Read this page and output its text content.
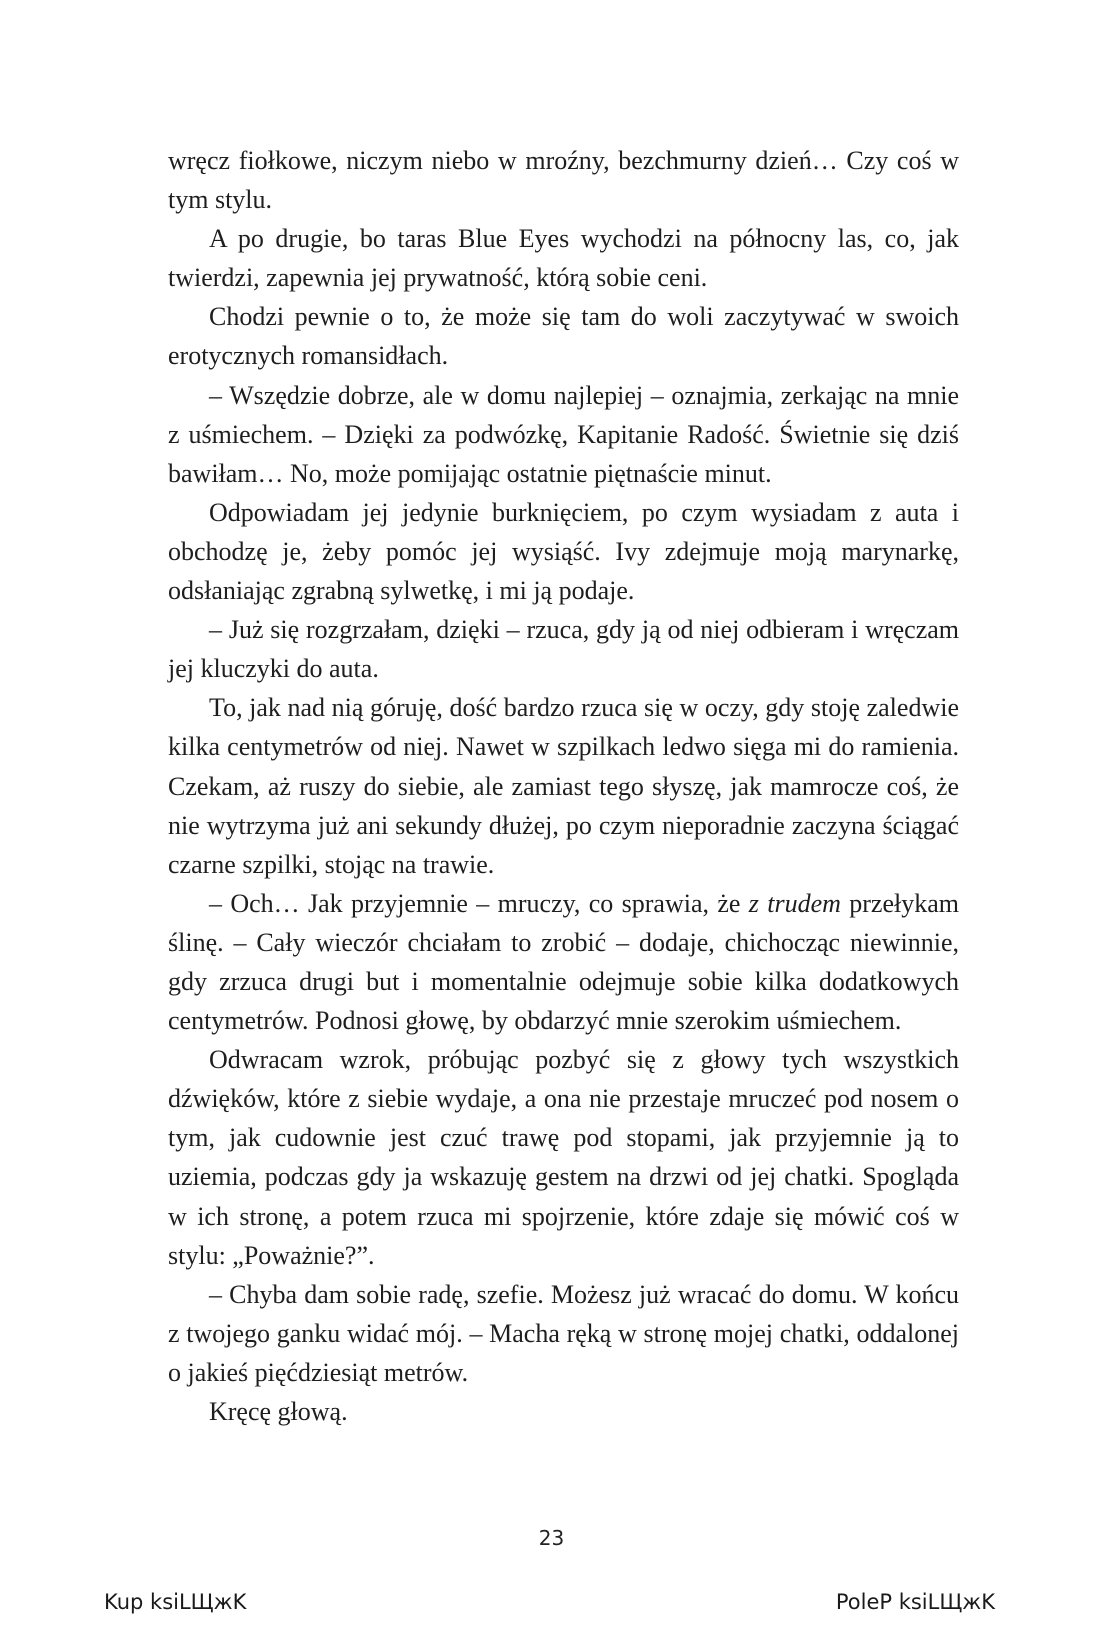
wręcz fiołkowe, niczym niebo w mroźny, bezchmurny dzień… Czy coś w tym stylu.

A po drugie, bo taras Blue Eyes wychodzi na północny las, co, jak twierdzi, zapewnia jej prywatność, którą sobie ceni.

Chodzi pewnie o to, że może się tam do woli zaczytywać w swoich erotycznych romansidłach.

– Wszędzie dobrze, ale w domu najlepiej – oznajmia, zerkając na mnie z uśmiechem. – Dzięki za podwózkę, Kapitanie Radość. Świetnie się dziś bawiłam… No, może pomijając ostatnie piętnaście minut.

Odpowiadam jej jedynie burknięciem, po czym wysiadam z auta i obchodzę je, żeby pomóc jej wysiąść. Ivy zdejmuje moją marynarkę, odsłaniając zgrabną sylwetkę, i mi ją podaje.

– Już się rozgrzałam, dzięki – rzuca, gdy ją od niej odbieram i wręczam jej kluczyki do auta.

To, jak nad nią góruję, dość bardzo rzuca się w oczy, gdy stoję zaledwie kilka centymetrów od niej. Nawet w szpilkach ledwo sięga mi do ramienia. Czekam, aż ruszy do siebie, ale zamiast tego słyszę, jak mamrocze coś, że nie wytrzyma już ani sekundy dłużej, po czym nieporadnie zaczyna ściągać czarne szpilki, stojąc na trawie.

– Och… Jak przyjemnie – mruczy, co sprawia, że z trudem przełykam ślinę. – Cały wieczór chciałam to zrobić – dodaje, chichocząc niewinnie, gdy zrzuca drugi but i momentalnie odejmuje sobie kilka dodatkowych centymetrów. Podnosi głowę, by obdarzyć mnie szerokim uśmiechem.

Odwracam wzrok, próbując pozbyć się z głowy tych wszystkich dźwięków, które z siebie wydaje, a ona nie przestaje mruczeć pod nosem o tym, jak cudownie jest czuć trawę pod stopami, jak przyjemnie ją to uziemia, podczas gdy ja wskazuję gestem na drzwi od jej chatki. Spogląda w ich stronę, a potem rzuca mi spojrzenie, które zdaje się mówić coś w stylu: „Poważnie?”.

– Chyba dam sobie radę, szefie. Możesz już wracać do domu. W końcu z twojego ganku widać mój. – Macha ręką w stronę mojej chatki, oddalonej o jakieś pięćdziesiąt metrów.

Kręcę głową.

23
Kup ksiLЩжK	PoleP ksiLЩжK
